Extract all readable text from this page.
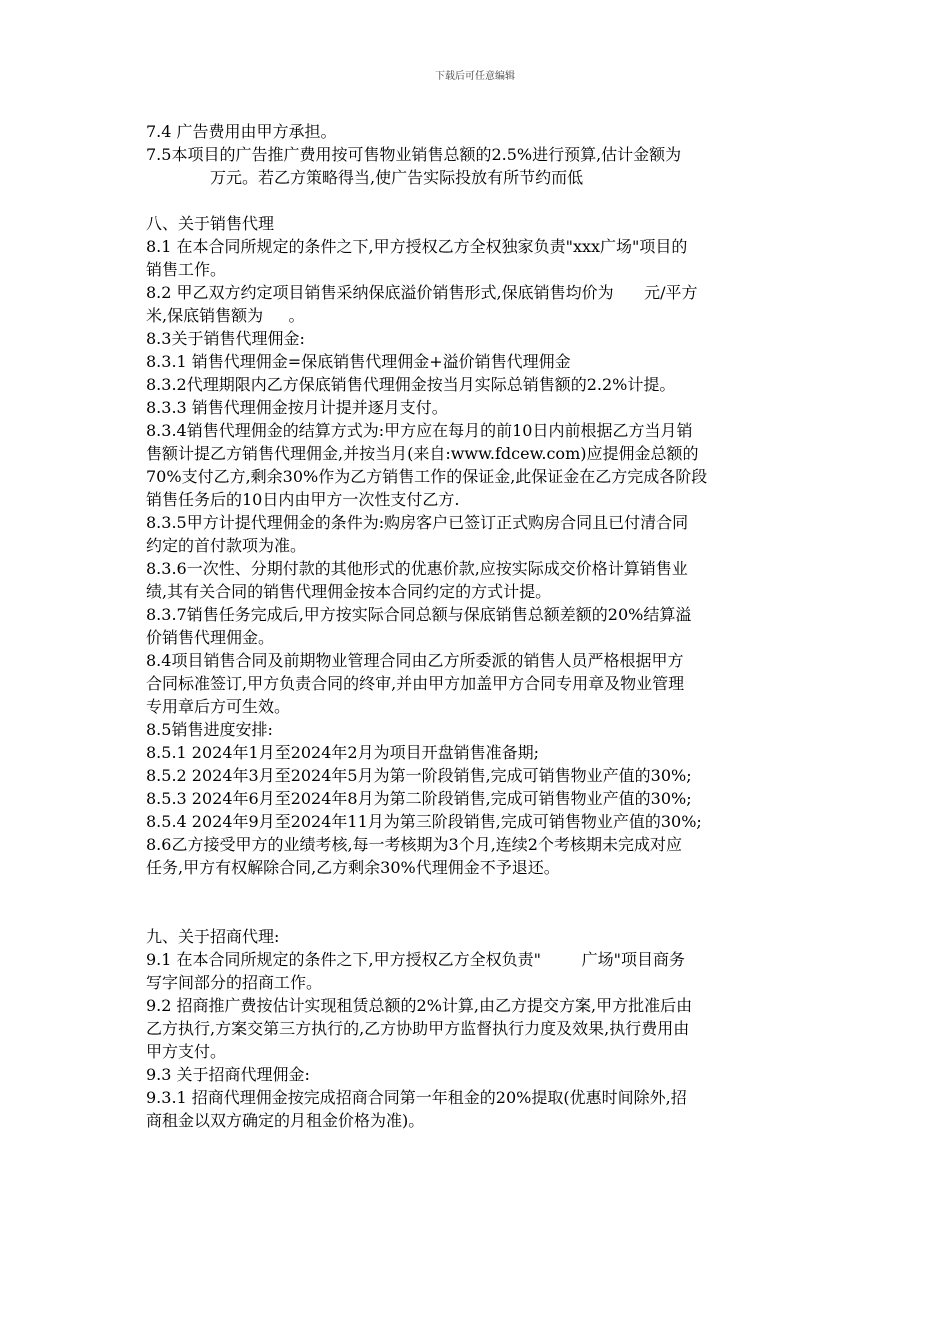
下载后可任意编辑
7.4 广告费用由甲方承担。
7.5本项目的广告推广费用按可售物业销售总额的2.5%进行预算,估计金额为
万元。若乙方策略得当,使广告实际投放有所节约而低
八、关于销售代理
8.1 在本合同所规定的条件之下,甲方授权乙方全权独家负责"xxx广场"项目的
销售工作。
8.2 甲乙双方约定项目销售采纳保底溢价销售形式,保底销售均价为      元/平方
米,保底销售额为     。
8.3关于销售代理佣金:
8.3.1 销售代理佣金=保底销售代理佣金+溢价销售代理佣金
8.3.2代理期限内乙方保底销售代理佣金按当月实际总销售额的2.2%计提。
8.3.3 销售代理佣金按月计提并逐月支付。
8.3.4销售代理佣金的结算方式为:甲方应在每月的前10日内前根据乙方当月销
售额计提乙方销售代理佣金,并按当月(来自:www.fdcew.com)应提佣金总额的
70%支付乙方,剩余30%作为乙方销售工作的保证金,此保证金在乙方完成各阶段
销售任务后的10日内由甲方一次性支付乙方.
8.3.5甲方计提代理佣金的条件为:购房客户已签订正式购房合同且已付清合同
约定的首付款项为准。
8.3.6一次性、分期付款的其他形式的优惠价款,应按实际成交价格计算销售业
绩,其有关合同的销售代理佣金按本合同约定的方式计提。
8.3.7销售任务完成后,甲方按实际合同总额与保底销售总额差额的20%结算溢
价销售代理佣金。
8.4项目销售合同及前期物业管理合同由乙方所委派的销售人员严格根据甲方
合同标准签订,甲方负责合同的终审,并由甲方加盖甲方合同专用章及物业管理
专用章后方可生效。
8.5销售进度安排:
8.5.1 2024年1月至2024年2月为项目开盘销售准备期;
8.5.2 2024年3月至2024年5月为第一阶段销售,完成可销售物业产值的30%;
8.5.3 2024年6月至2024年8月为第二阶段销售,完成可销售物业产值的30%;
8.5.4 2024年9月至2024年11月为第三阶段销售,完成可销售物业产值的30%;
8.6乙方接受甲方的业绩考核,每一考核期为3个月,连续2个考核期未完成对应
任务,甲方有权解除合同,乙方剩余30%代理佣金不予退还。
九、关于招商代理:
9.1 在本合同所规定的条件之下,甲方授权乙方全权负责"        广场"项目商务
写字间部分的招商工作。
9.2 招商推广费按估计实现租赁总额的2%计算,由乙方提交方案,甲方批准后由
乙方执行,方案交第三方执行的,乙方协助甲方监督执行力度及效果,执行费用由
甲方支付。
9.3 关于招商代理佣金:
9.3.1 招商代理佣金按完成招商合同第一年租金的20%提取(优惠时间除外,招
商租金以双方确定的月租金价格为准)。
